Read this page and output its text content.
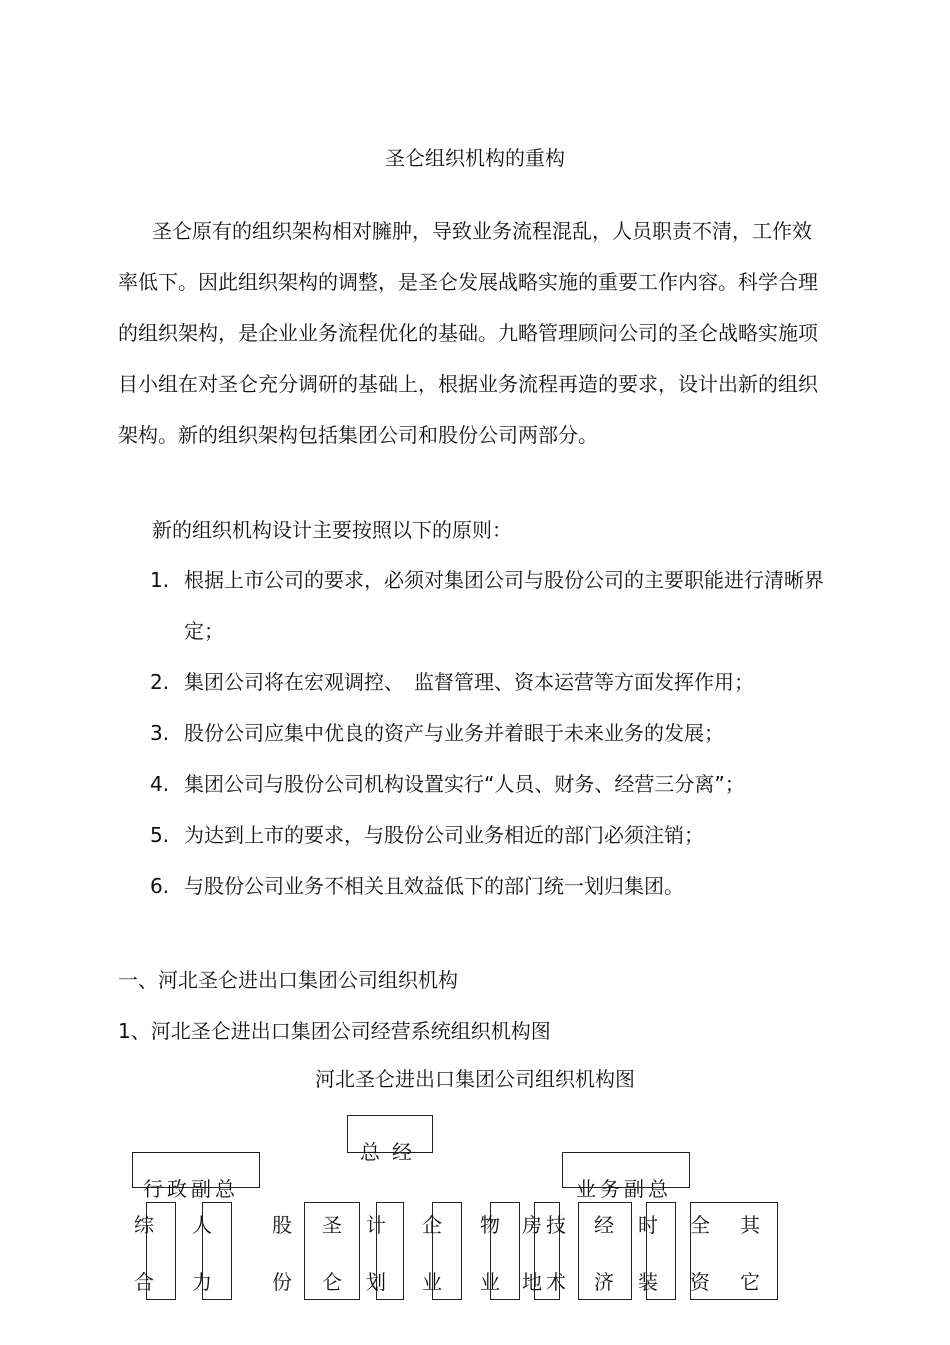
圣仑组织机构的重构
圣仑原有的组织架构相对臃肿，导致业务流程混乱，人员职责不清，工作效率低下。因此组织架构的调整，是圣仑发展战略实施的重要工作内容。科学合理的组织架构，是企业业务流程优化的基础。九略管理顾问公司的圣仑战略实施项目小组在对圣仑充分调研的基础上，根据业务流程再造的要求，设计出新的组织架构。新的组织架构包括集团公司和股份公司两部分。
新的组织机构设计主要按照以下的原则：
1. 根据上市公司的要求，必须对集团公司与股份公司的主要职能进行清晰界定；
2. 集团公司将在宏观调控、　监督管理、资本运营等方面发挥作用；
3. 股份公司应集中优良的资产与业务并着眼于未来业务的发展；
4. 集团公司与股份公司机构设置实行“人员、财务、经营三分离”；
5. 为达到上市的要求，与股份公司业务相近的部门必须注销；
6. 与股份公司业务不相关且效益低下的部门统一划归集团。
一、河北圣仑进出口集团公司组织机构
1、河北圣仑进出口集团公司经营系统组织机构图
河北圣仑进出口集团公司组织机构图
总经
行政副总	业务副总
综
合
人
力
股
份
圣
仑
计
划
企
业
物
业
房
地
技
术
经
济
时
装
全
资
其
它
